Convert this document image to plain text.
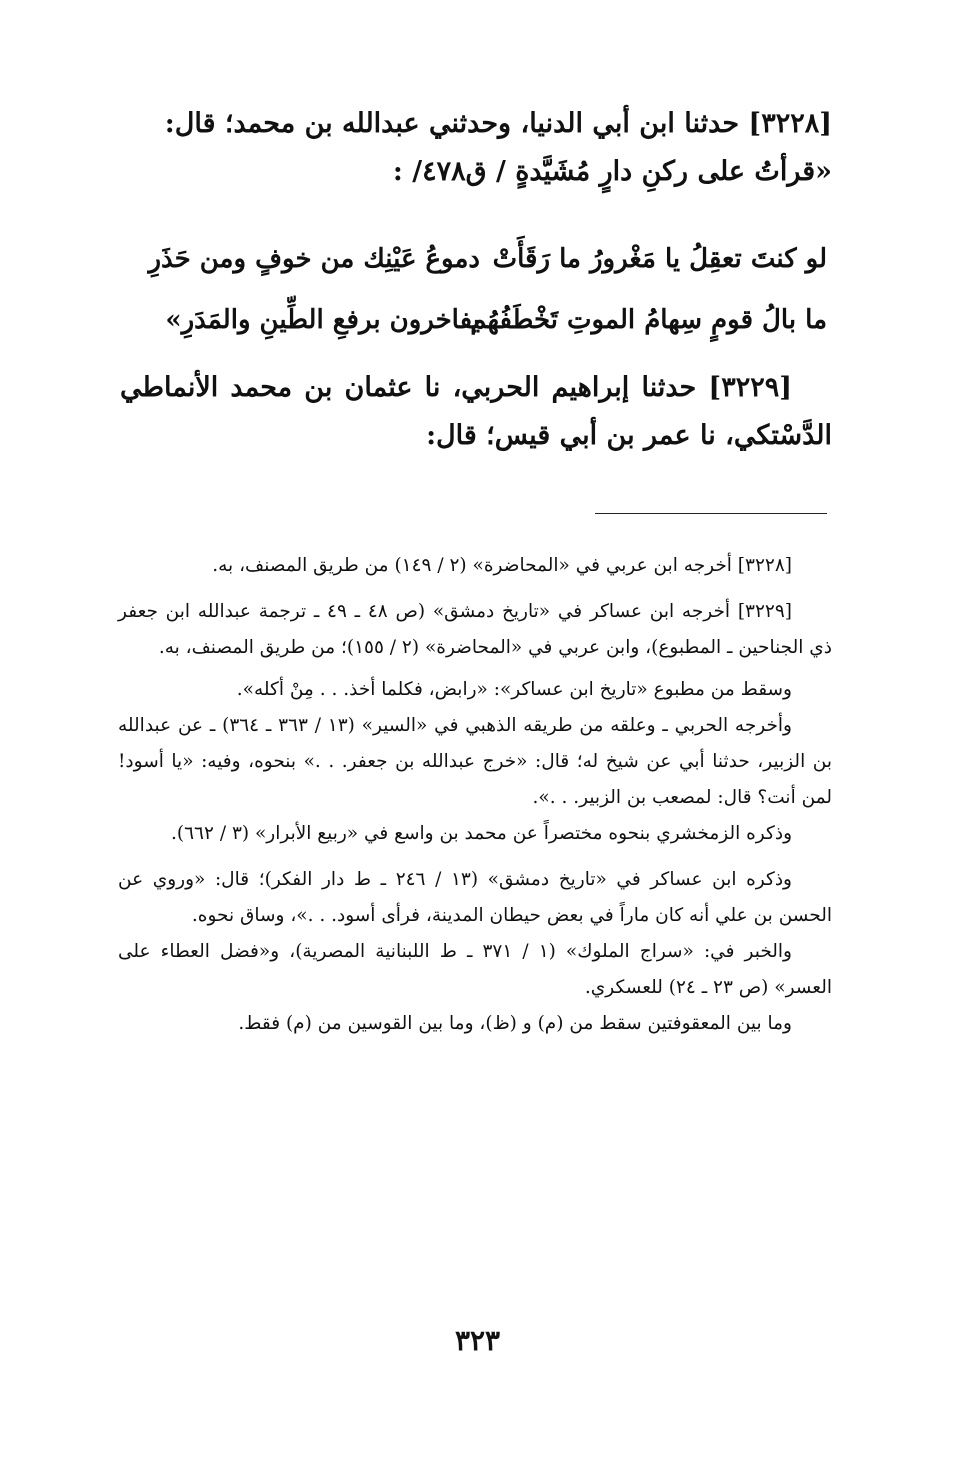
[٣٢٢٨] حدثنا ابن أبي الدنيا، وحدثني عبدالله بن محمد؛ قال:
«قرأتُ على ركنِ دارٍ مُشَيَّدةٍ / ق٤٧٨/ :
لو كنتَ تعقِلُ يا مَغْرورُ ما رَقَأَتْ
دموعُ عَيْنِك من خوفٍ ومن حَذَرِ
ما بالُ قومٍ سِهامُ الموتِ تَخْطَفُهُم
يفاخرون برفعِ الطِّينِ والمَدَرِ»
[٣٢٢٩] حدثنا إبراهيم الحربي، نا عثمان بن محمد الأنماطي الدَّسْتكي، نا عمر بن أبي قيس؛ قال:

[٣٢٢٨] أخرجه ابن عربي في «المحاضرة» (٢ / ١٤٩) من طريق المصنف، به.

[٣٢٢٩] أخرجه ابن عساكر في «تاريخ دمشق» (ص ٤٨ ـ ٤٩ ـ ترجمة عبدالله ابن جعفر ذي الجناحين ـ المطبوع)، وابن عربي في «المحاضرة» (٢ / ١٥٥)؛ من طريق المصنف، به.

وسقط من مطبوع «تاريخ ابن عساكر»: «رابض، فكلما أخذ. . . مِنْ أكله».

وأخرجه الحربي ـ وعلقه من طريقه الذهبي في «السير» (١٣ / ٣٦٣ ـ ٣٦٤) ـ عن عبدالله بن الزبير، حدثنا أبي عن شيخ له؛ قال: «خرج عبدالله بن جعفر. . .» بنحوه، وفيه: «يا أسود! لمن أنت؟ قال: لمصعب بن الزبير. . .».

وذكره الزمخشري بنحوه مختصراً عن محمد بن واسع في «ربيع الأبرار» (٣ / ٦٦٢).

وذكره ابن عساكر في «تاريخ دمشق» (١٣ / ٢٤٦ ـ ط دار الفكر)؛ قال: «وروي عن الحسن بن علي أنه كان ماراً في بعض حيطان المدينة، فرأى أسود. . .»، وساق نحوه.

والخبر في: «سراج الملوك» (١ / ٣٧١ ـ ط اللبنانية المصرية)، و«فضل العطاء على العسر» (ص ٢٣ ـ ٢٤) للعسكري.

وما بين المعقوفتين سقط من (م) و (ظ)، وما بين القوسين من (م) فقط.

٣٢٣
